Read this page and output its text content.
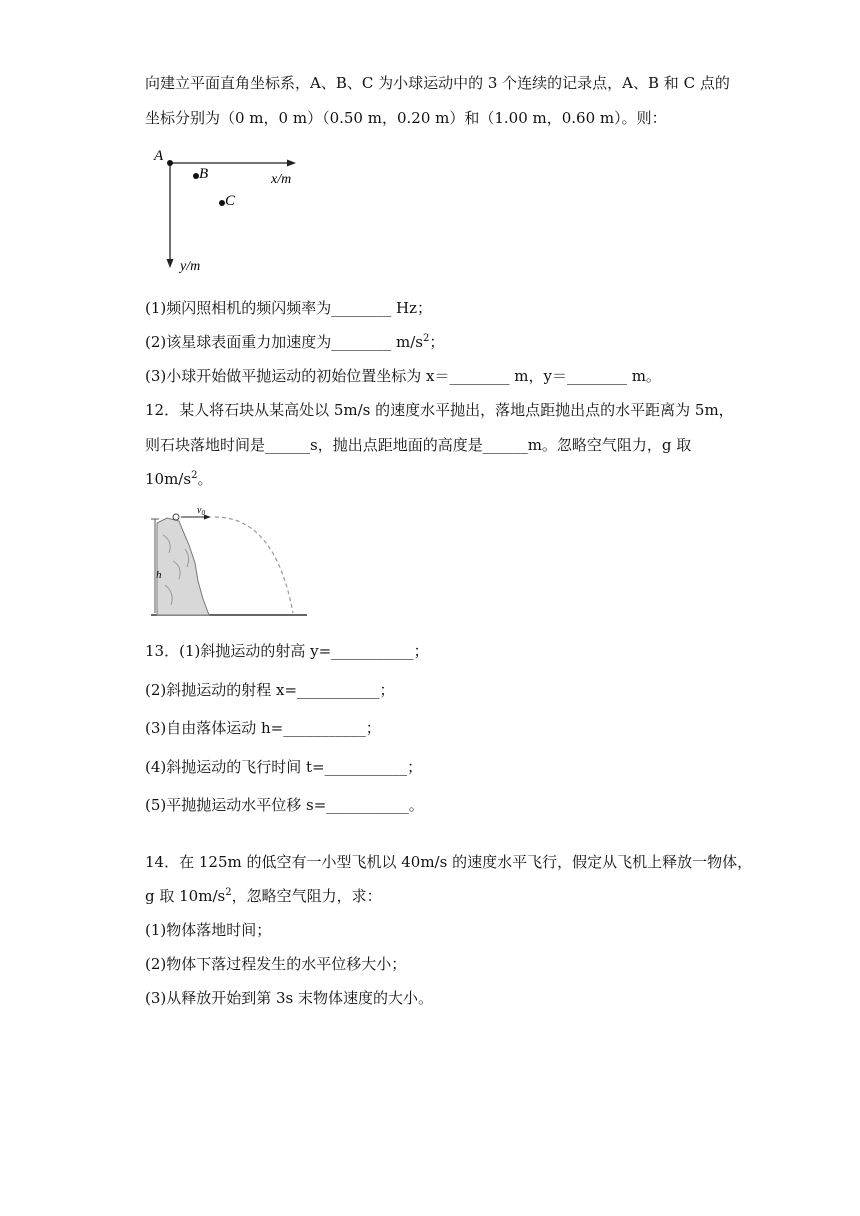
向建立平面直角坐标系，A、B、C 为小球运动中的 3 个连续的记录点，A、B 和 C 点的
坐标分别为（0 m，0 m）（0.50 m，0.20 m）和（1.00 m，0.60 m）。则：
A
B
C
x/m
y/m
(1)频闪照相机的频闪频率为________ Hz；
(2)该星球表面重力加速度为________ $m/s^2$；
(3)小球开始做平抛运动的初始位置坐标为 x＝________ m，y＝________ m。
12．某人将石块从某高处以 5m/s 的速度水平抛出，落地点距抛出点的水平距离为 5m，
则石块落地时间是______s，抛出点距地面的高度是______m。忽略空气阻力，g 取
$10m/s^2$。
h
$v_0$
13．(1)斜抛运动的射高 y=___________；
(2)斜抛运动的射程 x=___________；
(3)自由落体运动 h=___________；
(4)斜抛运动的飞行时间 t=___________；
(5)平抛抛运动水平位移 s=___________。
14．在 125m 的低空有一小型飞机以 40m/s 的速度水平飞行，假定从飞机上释放一物体，
g 取 $10m/s^2$，忽略空气阻力，求：
(1)物体落地时间；
(2)物体下落过程发生的水平位移大小；
(3)从释放开始到第 3s 末物体速度的大小。
